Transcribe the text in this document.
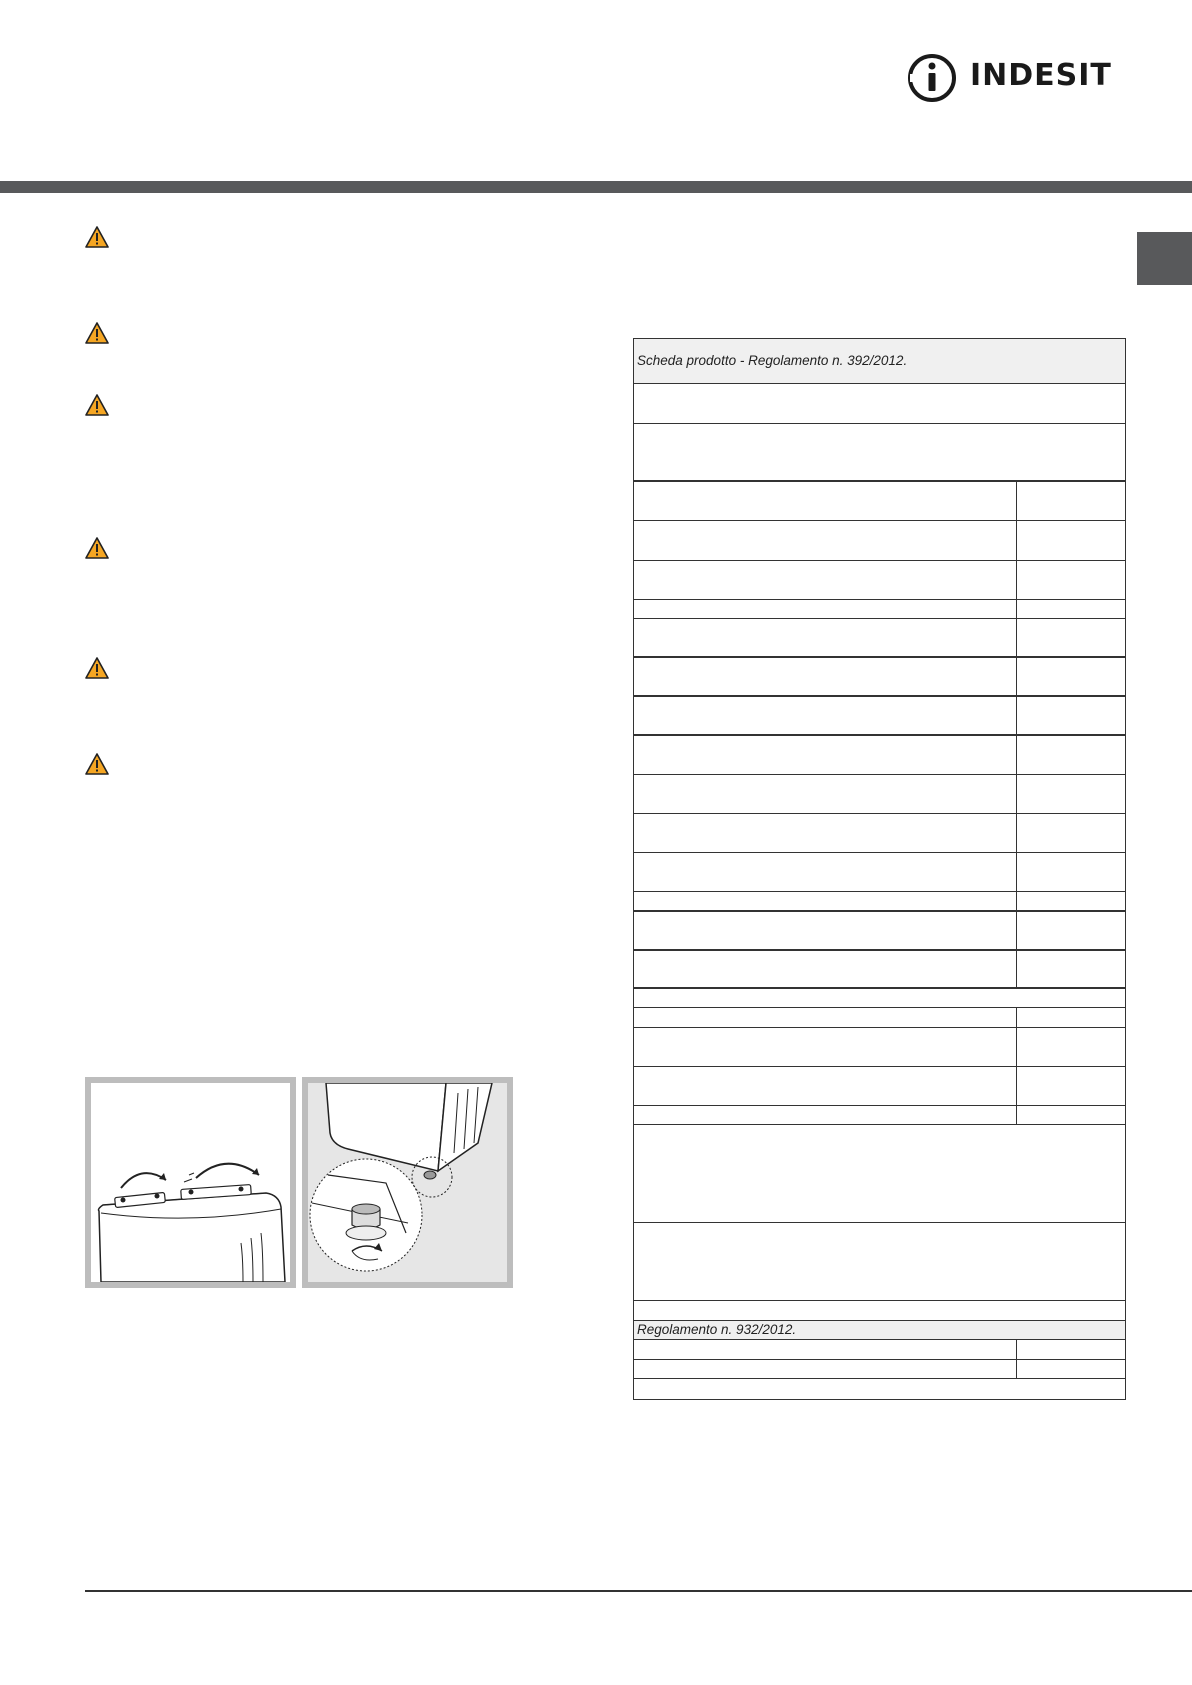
INDESIT
Scheda prodotto - Regolamento n. 392/2012.
Regolamento n. 932/2012.
